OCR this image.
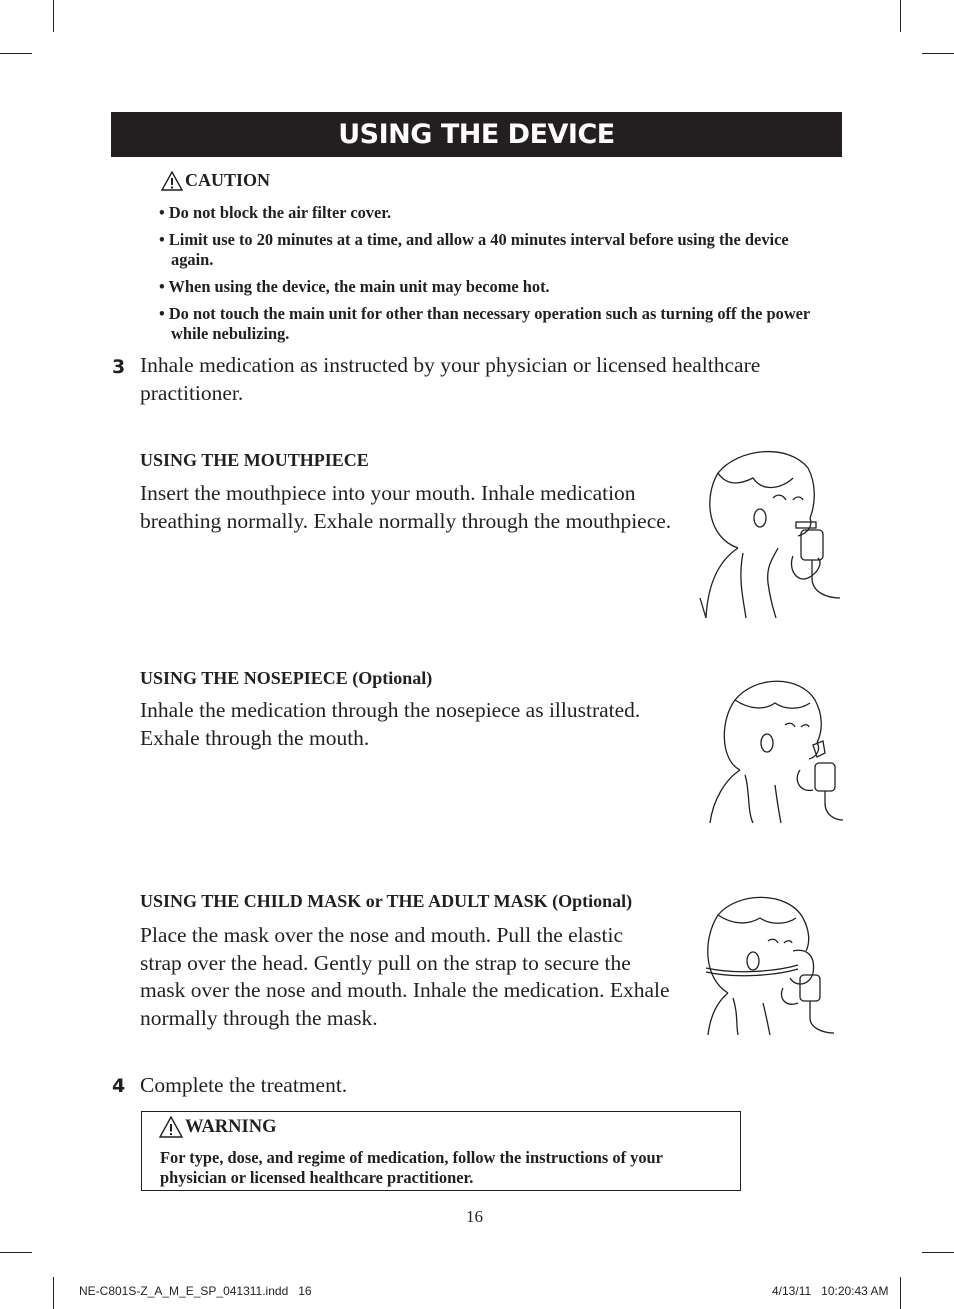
USING THE DEVICE
CAUTION
• Do not block the air filter cover.
• Limit use to 20 minutes at a time, and allow a 40 minutes interval before using the device again.
• When using the device, the main unit may become hot.
• Do not touch the main unit for other than necessary operation such as turning off the power while nebulizing.
3 Inhale medication as instructed by your physician or licensed healthcare practitioner.
USING THE MOUTHPIECE
Insert the mouthpiece into your mouth. Inhale medication breathing normally. Exhale normally through the mouthpiece.
USING THE NOSEPIECE (Optional)
Inhale the medication through the nosepiece as illustrated. Exhale through the mouth.
USING THE CHILD MASK or THE ADULT MASK (Optional)
Place the mask over the nose and mouth. Pull the elastic strap over the head. Gently pull on the strap to secure the mask over the nose and mouth. Inhale the medication. Exhale normally through the mask.
4 Complete the treatment.
WARNING
For type, dose, and regime of medication, follow the instructions of your physician or licensed healthcare practitioner.
16
NE-C801S-Z_A_M_E_SP_041311.indd   16	4/13/11   10:20:43 AM
